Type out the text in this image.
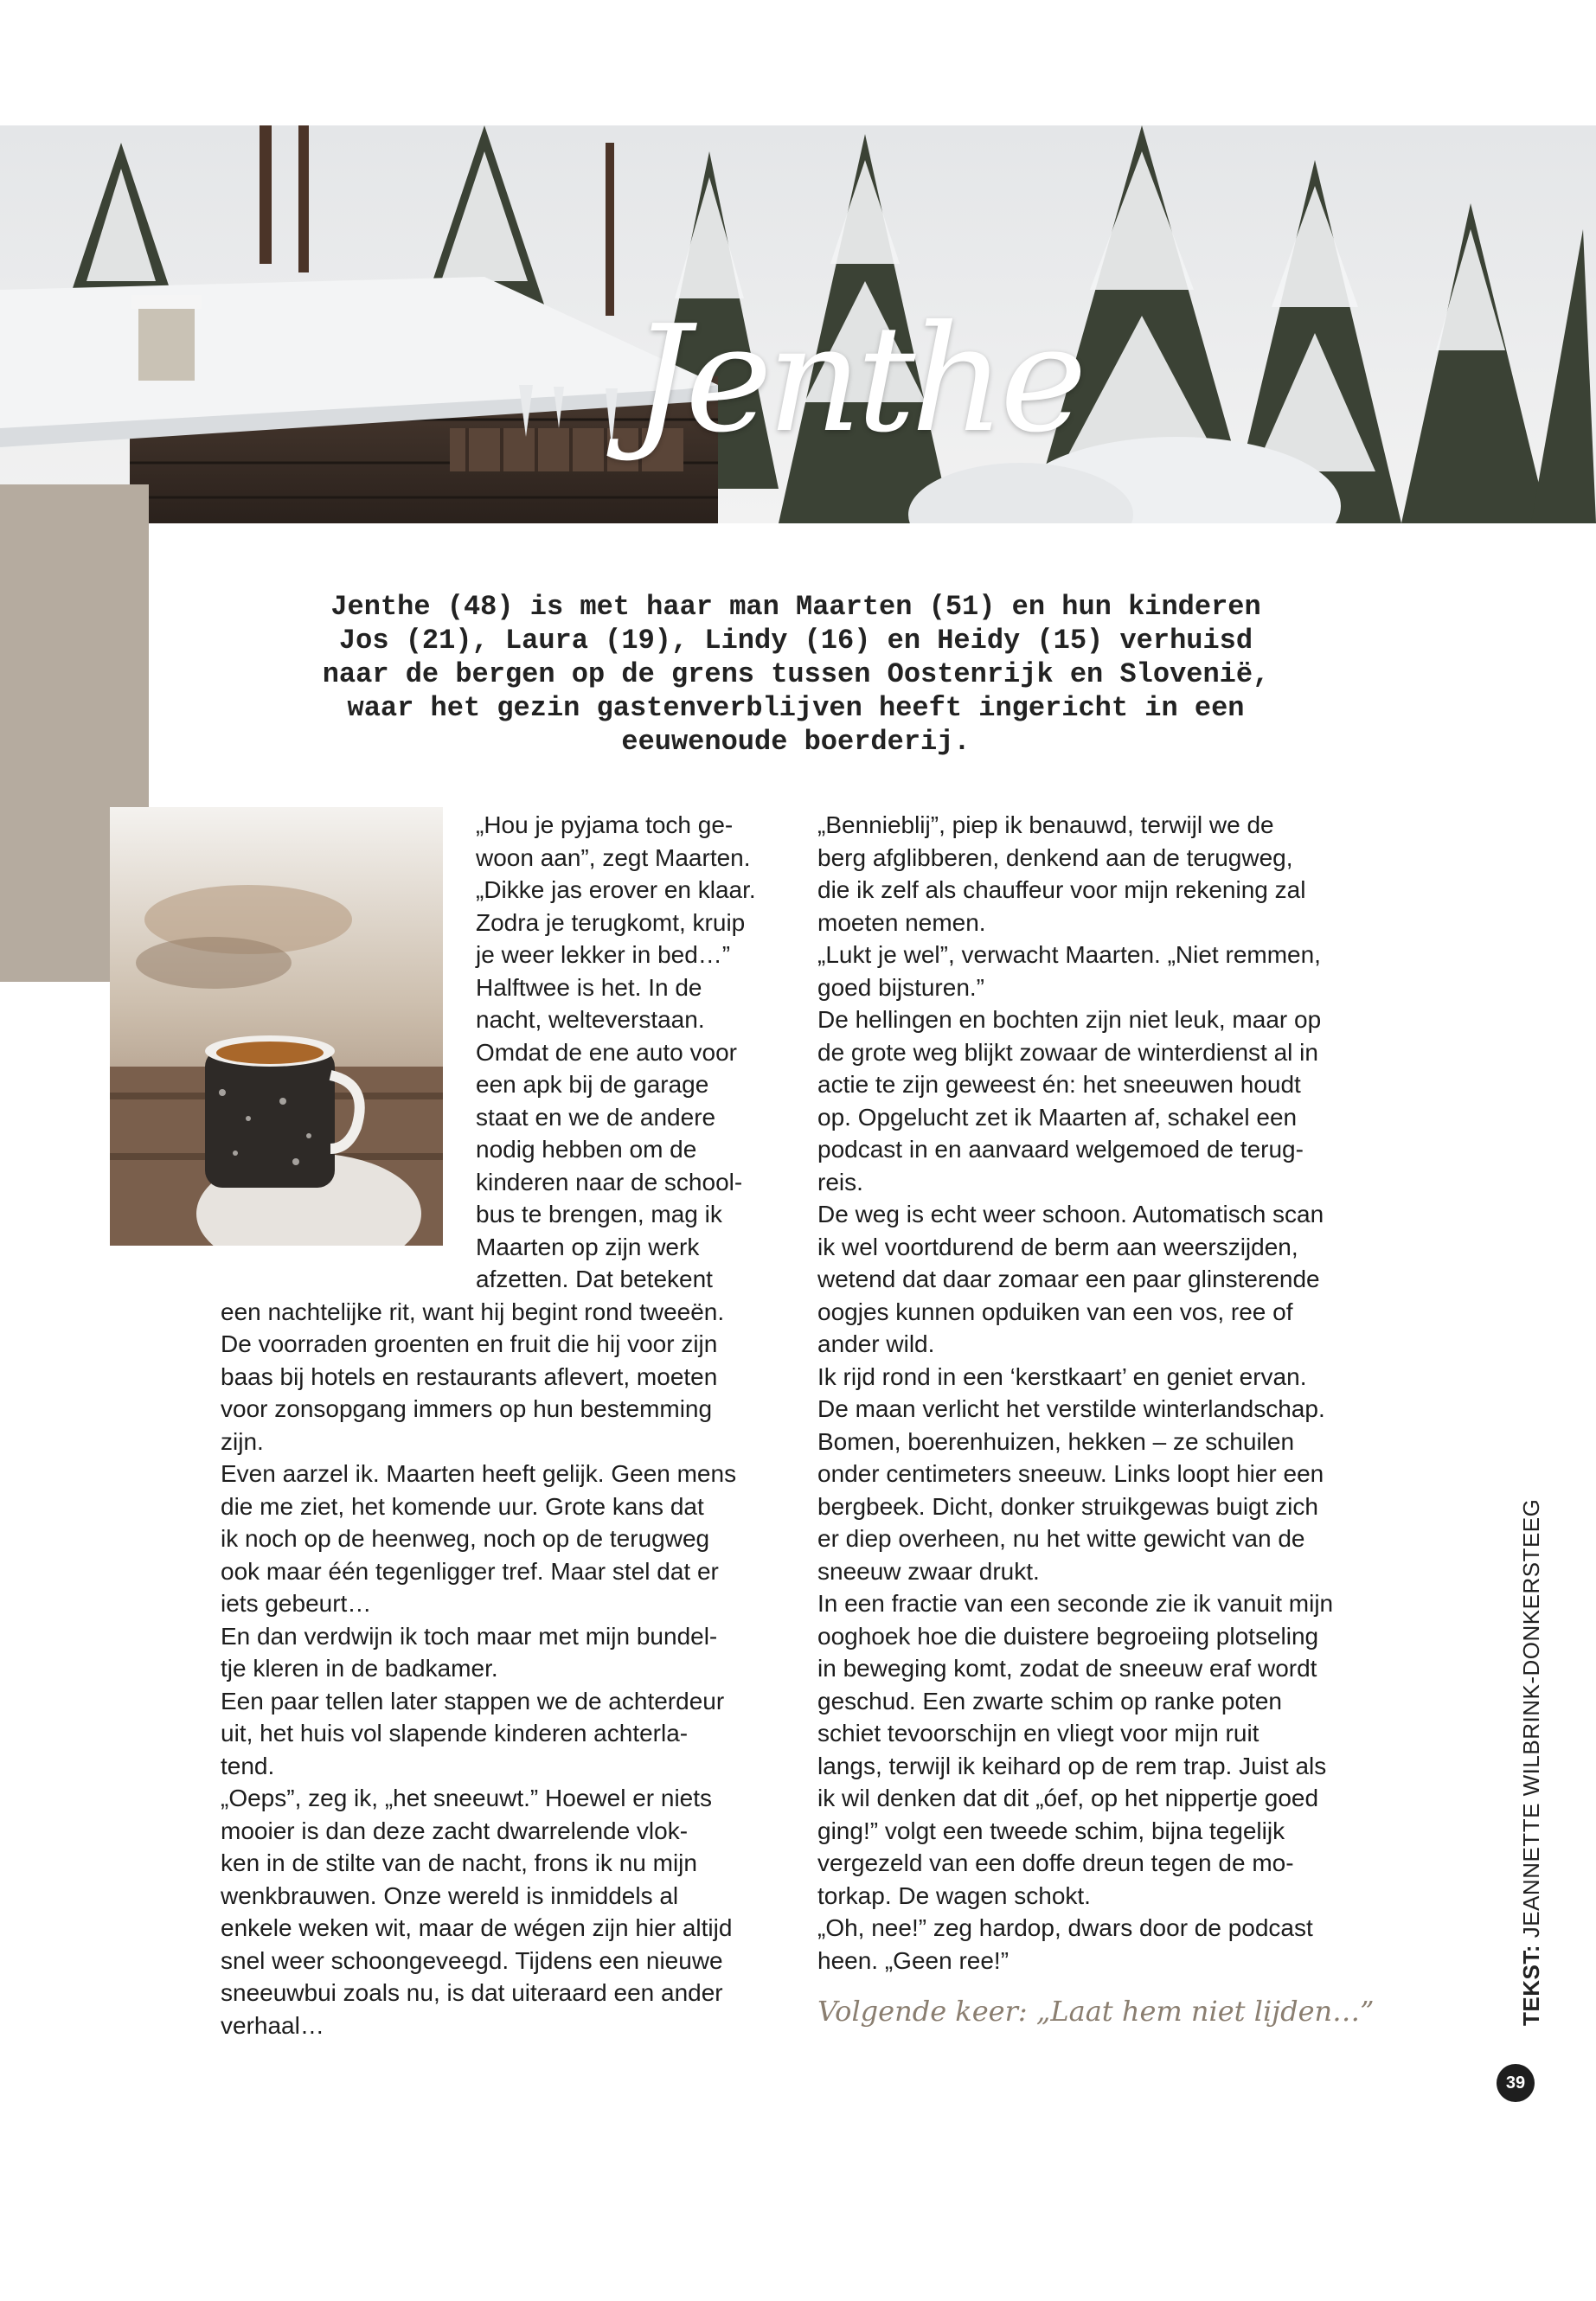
Jenthe
Jenthe (48) is met haar man Maarten (51) en hun kinderen
Jos (21), Laura (19), Lindy (16) en Heidy (15) verhuisd
naar de bergen op de grens tussen Oostenrijk en Slovenië,
waar het gezin gastenverblijven heeft ingericht in een
eeuwenoude boerderij.

„Hou je pyjama toch ge-

woon aan”, zegt Maarten.

„Dikke jas erover en klaar.

Zodra je terugkomt, kruip

je weer lekker in bed…”

Halftwee is het. In de

nacht, welteverstaan.

Omdat de ene auto voor

een apk bij de garage

staat en we de andere

nodig hebben om de

kinderen naar de school-

bus te brengen, mag ik

Maarten op zijn werk

afzetten. Dat betekent

een nachtelijke rit, want hij begint rond tweeën.

De voorraden groenten en fruit die hij voor zijn

baas bij hotels en restaurants aflevert, moeten

voor zonsopgang immers op hun bestemming

zijn.

Even aarzel ik. Maarten heeft gelijk. Geen mens

die me ziet, het komende uur. Grote kans dat

ik noch op de heenweg, noch op de terugweg

ook maar één tegenligger tref. Maar stel dat er

iets gebeurt…

En dan verdwijn ik toch maar met mijn bundel-

tje kleren in de badkamer.

Een paar tellen later stappen we de achterdeur

uit, het huis vol slapende kinderen achterla-

tend.

„Oeps”, zeg ik, „het sneeuwt.” Hoewel er niets

mooier is dan deze zacht dwarrelende vlok-

ken in de stilte van de nacht, frons ik nu mijn

wenkbrauwen. Onze wereld is inmiddels al

enkele weken wit, maar de wégen zijn hier altijd

snel weer schoongeveegd. Tijdens een nieuwe

sneeuwbui zoals nu, is dat uiteraard een ander

verhaal…

„Bennieblij”, piep ik benauwd, terwijl we de

berg afglibberen, denkend aan de terugweg,

die ik zelf als chauffeur voor mijn rekening zal

moeten nemen.

„Lukt je wel”, verwacht Maarten. „Niet remmen,

goed bijsturen.”

De hellingen en bochten zijn niet leuk, maar op

de grote weg blijkt zowaar de winterdienst al in

actie te zijn geweest én: het sneeuwen houdt

op. Opgelucht zet ik Maarten af, schakel een

podcast in en aanvaard welgemoed de terug-

reis.

De weg is echt weer schoon. Automatisch scan

ik wel voortdurend de berm aan weerszijden,

wetend dat daar zomaar een paar glinsterende

oogjes kunnen opduiken van een vos, ree of

ander wild.

Ik rijd rond in een ‘kerstkaart’ en geniet ervan.

De maan verlicht het verstilde winterlandschap.

Bomen, boerenhuizen, hekken – ze schuilen

onder centimeters sneeuw. Links loopt hier een

bergbeek. Dicht, donker struikgewas buigt zich

er diep overheen, nu het witte gewicht van de

sneeuw zwaar drukt.

In een fractie van een seconde zie ik vanuit mijn

ooghoek hoe die duistere begroeiing plotseling

in beweging komt, zodat de sneeuw eraf wordt

geschud. Een zwarte schim op ranke poten

schiet tevoorschijn en vliegt voor mijn ruit

langs, terwijl ik keihard op de rem trap. Juist als

ik wil denken dat dit „óef, op het nippertje goed

ging!” volgt een tweede schim, bijna tegelijk

vergezeld van een doffe dreun tegen de mo-

torkap. De wagen schokt.

„Oh, nee!” zeg hardop, dwars door de podcast

heen. „Geen ree!”

Volgende keer: „Laat hem niet lijden…”	TEKST: JEANNETTE WILBRINK-DONKERSTEEG
39
